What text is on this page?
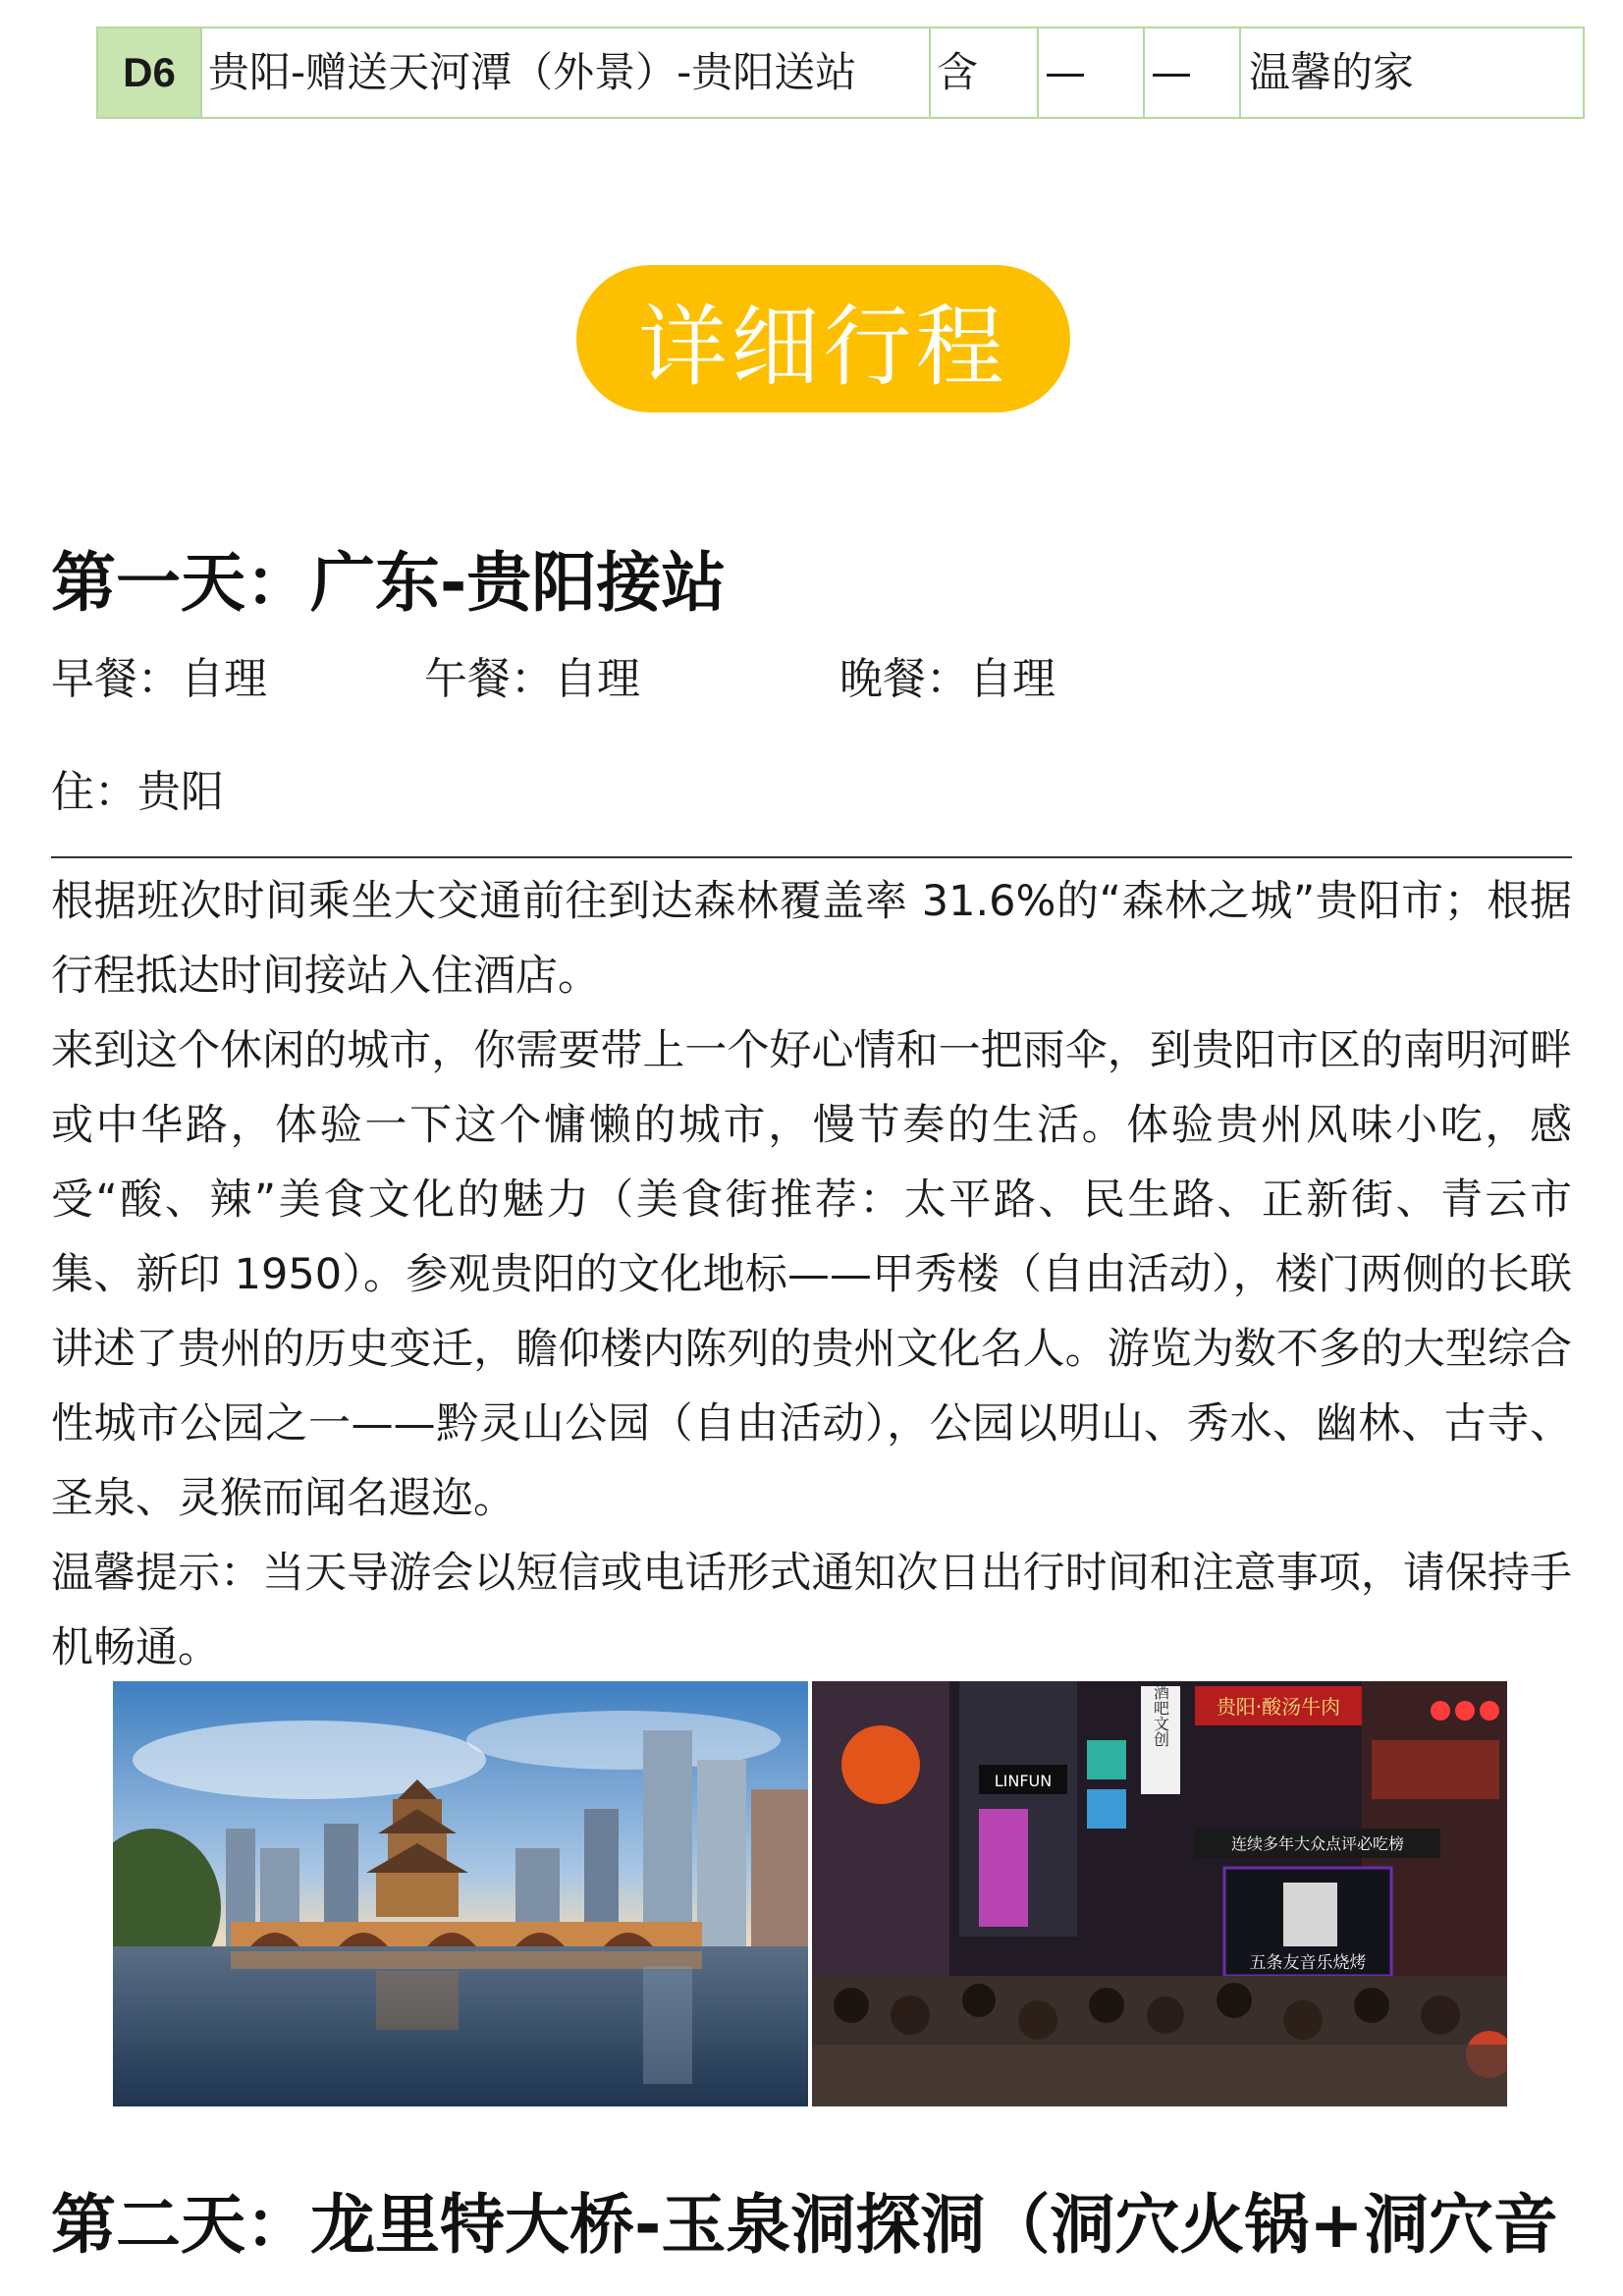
D6 贵阳-赠送天河潭（外景）-贵阳送站	含	—	—	温馨的家
详细行程
第一天：广东-贵阳接站
早餐：自理	午餐：自理	晚餐：自理
住：贵阳

根据班次时间乘坐大交通前往到达森林覆盖率 31.6%的“森林之城”贵阳市；根据行程抵达时间接站入住酒店。

来到这个休闲的城市，你需要带上一个好心情和一把雨伞，到贵阳市区的南明河畔或中华路，体验一下这个慵懒的城市，慢节奏的生活。体验贵州风味小吃，感受“酸、辣”美食文化的魅力（美食街推荐：太平路、民生路、正新街、青云市集、新印 1950）。参观贵阳的文化地标——甲秀楼（自由活动），楼门两侧的长联讲述了贵州的历史变迁，瞻仰楼内陈列的贵州文化名人。游览为数不多的大型综合性城市公园之一——黔灵山公园（自由活动），公园以明山、秀水、幽林、古寺、圣泉、灵猴而闻名遐迩。

温馨提示：当天导游会以短信或电话形式通知次日出行时间和注意事项，请保持手机畅通。

贵阳·酸汤牛肉
连续多年大众点评必吃榜
五条友音乐烧烤
酒吧文创
LINFUN
第二天：龙里特大桥-玉泉洞探洞（洞穴火锅+洞穴音
